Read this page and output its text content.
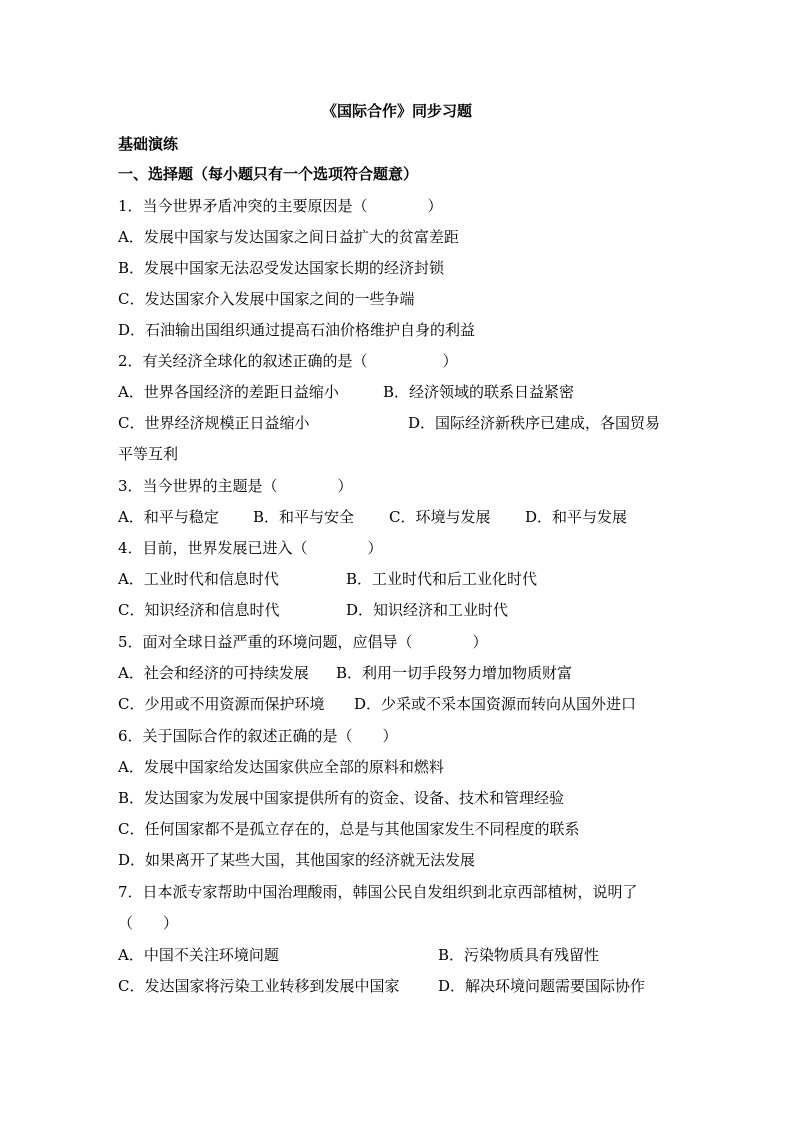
《国际合作》同步习题
基础演练
一、选择题（每小题只有一个选项符合题意）
1．当今世界矛盾冲突的主要原因是（　　　　）
A．发展中国家与发达国家之间日益扩大的贫富差距
B．发展中国家无法忍受发达国家长期的经济封锁
C．发达国家介入发展中国家之间的一些争端
D．石油输出国组织通过提高石油价格维护自身的利益
2．有关经济全球化的叙述正确的是（　　　　　）
A．世界各国经济的差距日益缩小	B．经济领域的联系日益紧密
C．世界经济规模正日益缩小	D．国际经济新秩序已建成，各国贸易
平等互利
3．当今世界的主题是（　　　　）
A．和平与稳定 B．和平与安全 C．环境与发展 D．和平与发展
4．目前，世界发展已进入（　　　　）
A．工业时代和信息时代	B．工业时代和后工业化时代
C．知识经济和信息时代	D．知识经济和工业时代
5．面对全球日益严重的环境问题，应倡导（　　　　）
A．社会和经济的可持续发展 B．利用一切手段努力增加物质财富
C．少用或不用资源而保护环境 D．少采或不采本国资源而转向从国外进口
6．关于国际合作的叙述正确的是（　　）
A．发展中国家给发达国家供应全部的原料和燃料
B．发达国家为发展中国家提供所有的资金、设备、技术和管理经验
C．任何国家都不是孤立存在的，总是与其他国家发生不同程度的联系
D．如果离开了某些大国，其他国家的经济就无法发展
7．日本派专家帮助中国治理酸雨，韩国公民自发组织到北京西部植树，说明了
（　　）
A．中国不关注环境问题	B．污染物质具有残留性
C．发达国家将污染工业转移到发展中国家	D．解决环境问题需要国际协作
